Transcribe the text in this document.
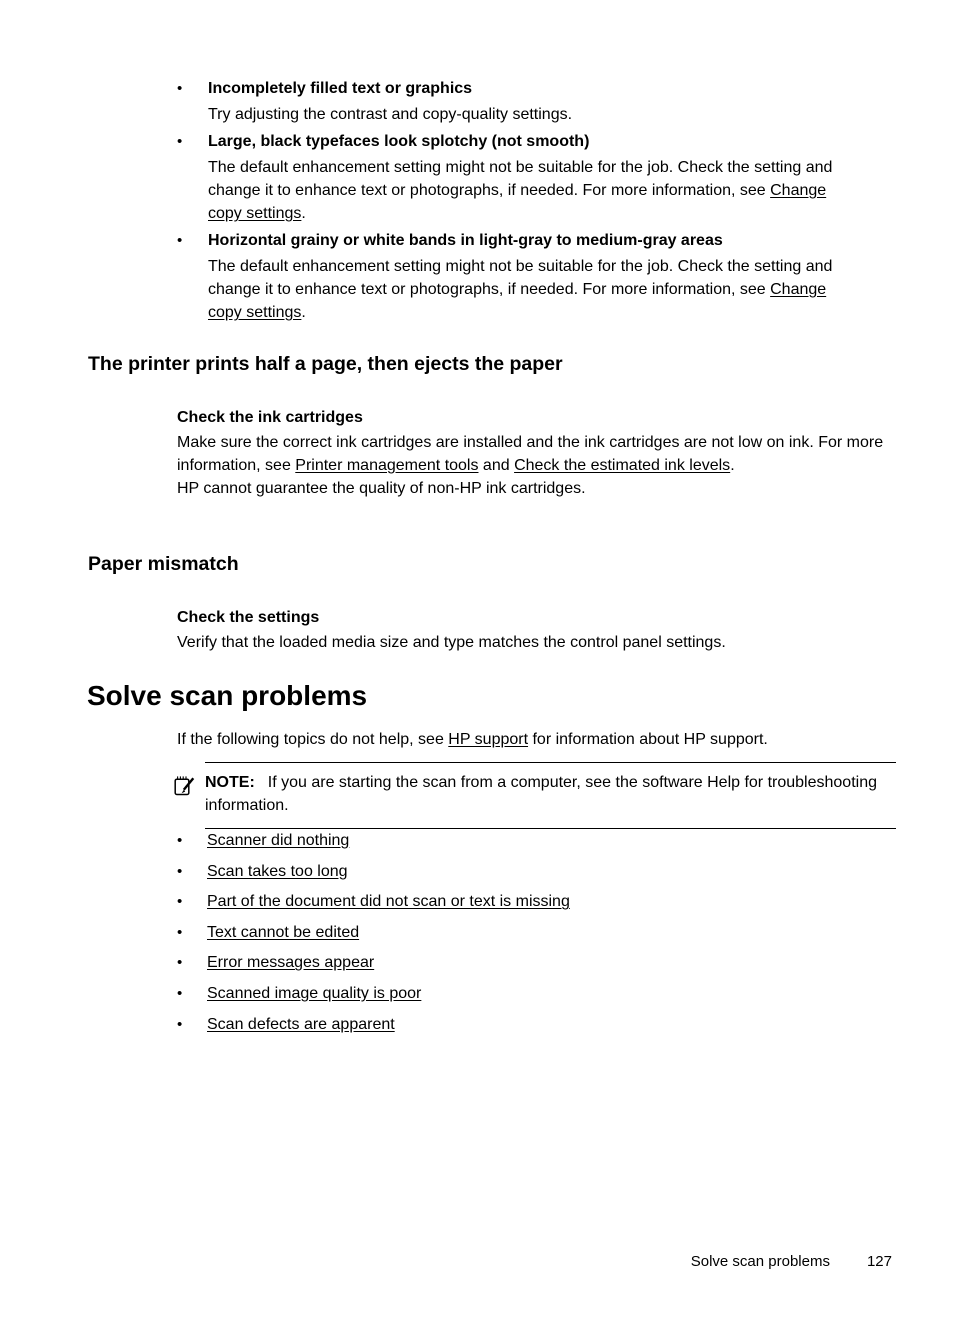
•	Incompletely filled text or graphics
Try adjusting the contrast and copy-quality settings.
•	Large, black typefaces look splotchy (not smooth)
The default enhancement setting might not be suitable for the job. Check the setting and change it to enhance text or photographs, if needed. For more information, see Change copy settings.
•	Horizontal grainy or white bands in light-gray to medium-gray areas
The default enhancement setting might not be suitable for the job. Check the setting and change it to enhance text or photographs, if needed. For more information, see Change copy settings.
The printer prints half a page, then ejects the paper
Check the ink cartridges
Make sure the correct ink cartridges are installed and the ink cartridges are not low on ink. For more information, see Printer management tools and Check the estimated ink levels.
HP cannot guarantee the quality of non-HP ink cartridges.
Paper mismatch
Check the settings
Verify that the loaded media size and type matches the control panel settings.
Solve scan problems
If the following topics do not help, see HP support for information about HP support.
NOTE: If you are starting the scan from a computer, see the software Help for troubleshooting information.
•	Scanner did nothing
•	Scan takes too long
•	Part of the document did not scan or text is missing
•	Text cannot be edited
•	Error messages appear
•	Scanned image quality is poor
•	Scan defects are apparent
Solve scan problems 127
